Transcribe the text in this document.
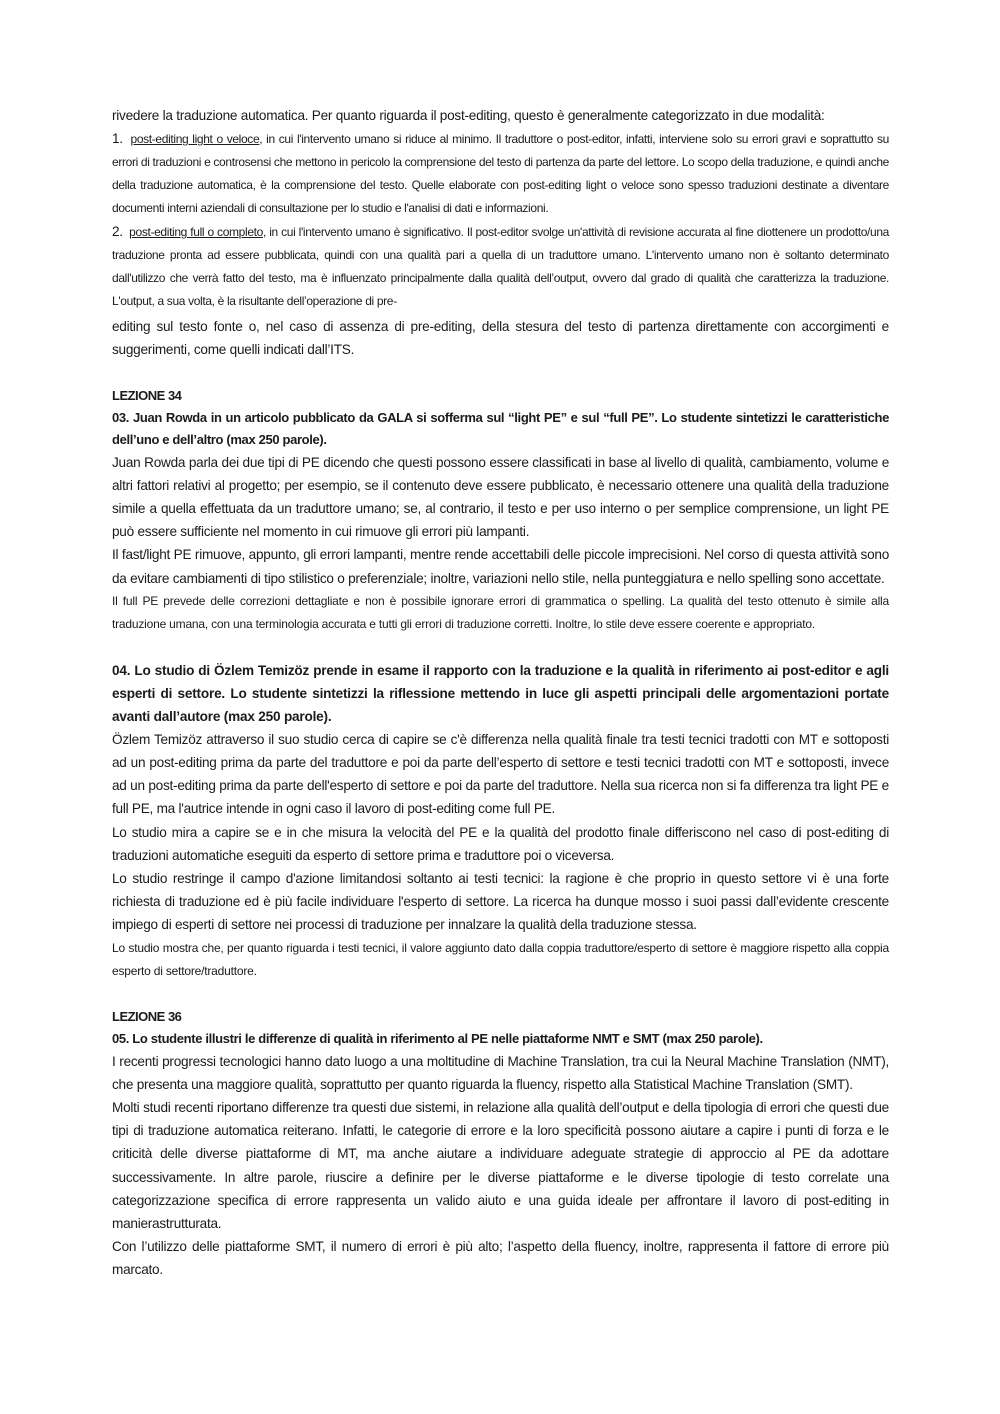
rivedere la traduzione automatica. Per quanto riguarda il post-editing, questo è generalmente categorizzato in due modalità:

1. post-editing light o veloce, in cui l'intervento umano si riduce al minimo. Il traduttore o post-editor, infatti, interviene solo su errori gravi e soprattutto su errori di traduzioni e controsensi che mettono in pericolo la comprensione del testo di partenza da parte del lettore. Lo scopo della traduzione, e quindi anche della traduzione automatica, è la comprensione del testo. Quelle elaborate con post-editing light o veloce sono spesso traduzioni destinate a diventare documenti interni aziendali di consultazione per lo studio e l'analisi di dati e informazioni.

2. post-editing full o completo, in cui l'intervento umano è significativo. Il post-editor svolge un'attività di revisione accurata al fine diottenere un prodotto/una traduzione pronta ad essere pubblicata, quindi con una qualità pari a quella di un traduttore umano. L'intervento umano non è soltanto determinato dall'utilizzo che verrà fatto del testo, ma è influenzato principalmente dalla qualità dell’output, ovvero dal grado di qualità che caratterizza la traduzione. L'output, a sua volta, è la risultante dell’operazione di pre-

editing sul testo fonte o, nel caso di assenza di pre-editing, della stesura del testo di partenza direttamente con accorgimenti e suggerimenti, come quelli indicati dall’ITS.

LEZIONE 34

03. Juan Rowda in un articolo pubblicato da GALA si sofferma sul “light PE” e sul “full PE”. Lo studente sintetizzi le caratteristiche dell’uno e dell’altro (max 250 parole).

Juan Rowda parla dei due tipi di PE dicendo che questi possono essere classificati in base al livello di qualità, cambiamento, volume e altri fattori relativi al progetto; per esempio, se il contenuto deve essere pubblicato, è necessario ottenere una qualità della traduzione simile a quella effettuata da un traduttore umano; se, al contrario, il testo e per uso interno o per semplice comprensione, un light PE può essere sufficiente nel momento in cui rimuove gli errori più lampanti.

Il fast/light PE rimuove, appunto, gli errori lampanti, mentre rende accettabili delle piccole imprecisioni. Nel corso di questa attività sono da evitare cambiamenti di tipo stilistico o preferenziale; inoltre, variazioni nello stile, nella punteggiatura e nello spelling sono accettate.

Il full PE prevede delle correzioni dettagliate e non è possibile ignorare errori di grammatica o spelling. La qualità del testo ottenuto è simile alla traduzione umana, con una terminologia accurata e tutti gli errori di traduzione corretti. Inoltre, lo stile deve essere coerente e appropriato.

04. Lo studio di Özlem Temizöz prende in esame il rapporto con la traduzione e la qualità in riferimento ai post-editor e agli esperti di settore. Lo studente sintetizzi la riflessione mettendo in luce gli aspetti principali delle argomentazioni portate avanti dall’autore (max 250 parole).

Özlem Temizöz attraverso il suo studio cerca di capire se c'è differenza nella qualità finale tra testi tecnici tradotti con MT e sottoposti ad un post-editing prima da parte del traduttore e poi da parte dell’esperto di settore e testi tecnici tradotti con MT e sottoposti, invece ad un post-editing prima da parte dell'esperto di settore e poi da parte del traduttore. Nella sua ricerca non si fa differenza tra light PE e full PE, ma l'autrice intende in ogni caso il lavoro di post-editing come full PE.

Lo studio mira a capire se e in che misura la velocità del PE e la qualità del prodotto finale differiscono nel caso di post-editing di traduzioni automatiche eseguiti da esperto di settore prima e traduttore poi o viceversa.

Lo studio restringe il campo d'azione limitandosi soltanto ai testi tecnici: la ragione è che proprio in questo settore vi è una forte richiesta di traduzione ed è più facile individuare l'esperto di settore. La ricerca ha dunque mosso i suoi passi dall’evidente crescente impiego di esperti di settore nei processi di traduzione per innalzare la qualità della traduzione stessa.

Lo studio mostra che, per quanto riguarda i testi tecnici, il valore aggiunto dato dalla coppia traduttore/esperto di settore è maggiore rispetto alla coppia esperto di settore/traduttore.

LEZIONE 36

05. Lo studente illustri le differenze di qualità in riferimento al PE nelle piattaforme NMT e SMT (max 250 parole).

I recenti progressi tecnologici hanno dato luogo a una moltitudine di Machine Translation, tra cui la Neural Machine Translation (NMT), che presenta una maggiore qualità, soprattutto per quanto riguarda la fluency, rispetto alla Statistical Machine Translation (SMT).

Molti studi recenti riportano differenze tra questi due sistemi, in relazione alla qualità dell’output e della tipologia di errori che questi due tipi di traduzione automatica reiterano. Infatti, le categorie di errore e la loro specificità possono aiutare a capire i punti di forza e le criticità delle diverse piattaforme di MT, ma anche aiutare a individuare adeguate strategie di approccio al PE da adottare successivamente. In altre parole, riuscire a definire per le diverse piattaforme e le diverse tipologie di testo correlate una categorizzazione specifica di errore rappresenta un valido aiuto e una guida ideale per affrontare il lavoro di post-editing in manierastrutturata.

Con l’utilizzo delle piattaforme SMT, il numero di errori è più alto; l’aspetto della fluency, inoltre, rappresenta il fattore di errore più marcato.
